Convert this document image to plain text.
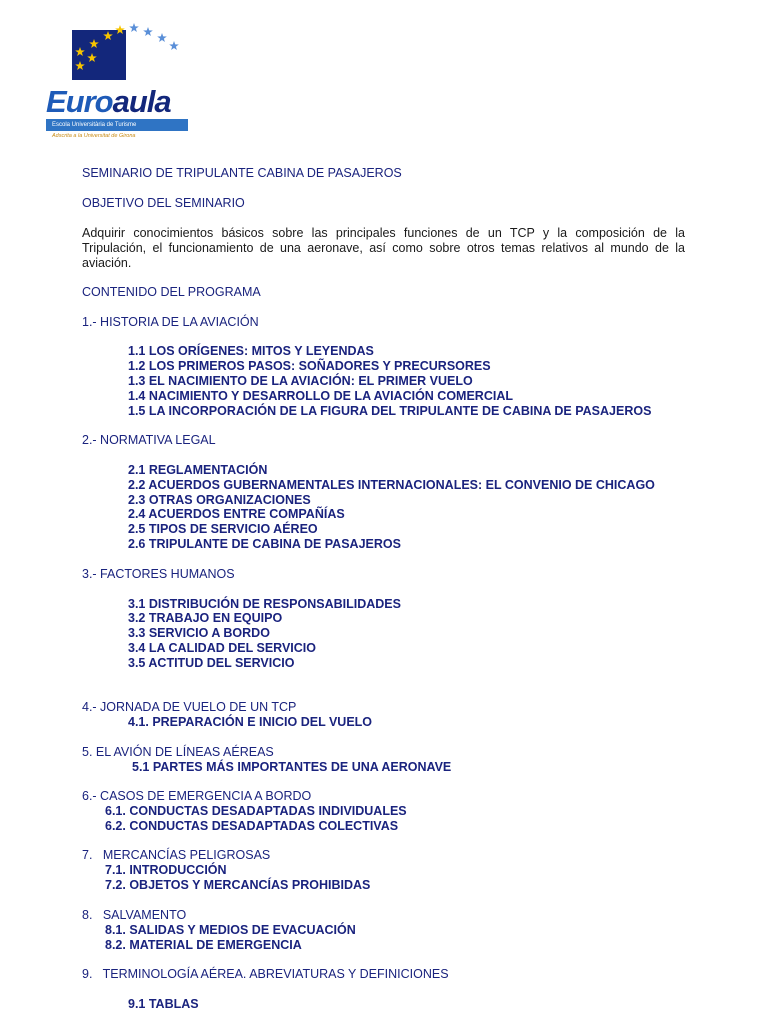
Euroaula
Escola Universitària de Turisme
Adscrita a la Universitat de Girona
SEMINARIO DE TRIPULANTE CABINA DE PASAJEROS
OBJETIVO DEL SEMINARIO
Adquirir conocimientos básicos sobre las principales funciones de un TCP y la composición de la Tripulación, el funcionamiento de una aeronave, así como sobre otros temas relativos al mundo de la aviación.
CONTENIDO DEL PROGRAMA
1.- HISTORIA DE LA AVIACIÓN
1.1 LOS ORÍGENES: MITOS Y LEYENDAS
1.2 LOS PRIMEROS PASOS: SOÑADORES Y PRECURSORES
1.3 EL NACIMIENTO DE LA AVIACIÓN: EL PRIMER VUELO
1.4 NACIMIENTO Y DESARROLLO DE LA AVIACIÓN COMERCIAL
1.5 LA INCORPORACIÓN DE LA FIGURA DEL TRIPULANTE DE CABINA DE PASAJEROS
2.- NORMATIVA LEGAL
2.1 REGLAMENTACIÓN
2.2 ACUERDOS GUBERNAMENTALES INTERNACIONALES: EL CONVENIO DE CHICAGO
2.3 OTRAS ORGANIZACIONES
2.4 ACUERDOS ENTRE COMPAÑÍAS
2.5 TIPOS DE SERVICIO AÉREO
2.6 TRIPULANTE DE CABINA DE PASAJEROS
3.- FACTORES HUMANOS
3.1 DISTRIBUCIÓN DE RESPONSABILIDADES
3.2 TRABAJO EN EQUIPO
3.3 SERVICIO A BORDO
3.4 LA CALIDAD DEL SERVICIO
3.5 ACTITUD DEL SERVICIO
4.- JORNADA DE VUELO DE UN TCP
4.1. PREPARACIÓN E INICIO DEL VUELO
5. EL AVIÓN DE LÍNEAS AÉREAS
5.1 PARTES MÁS IMPORTANTES DE UNA AERONAVE
6.- CASOS DE EMERGENCIA A BORDO
6.1. CONDUCTAS DESADAPTADAS INDIVIDUALES
6.2. CONDUCTAS DESADAPTADAS COLECTIVAS
7.   MERCANCÍAS PELIGROSAS
7.1. INTRODUCCIÓN
7.2. OBJETOS Y MERCANCÍAS PROHIBIDAS
8.   SALVAMENTO
8.1. SALIDAS Y MEDIOS DE EVACUACIÓN
8.2. MATERIAL DE EMERGENCIA
9.   TERMINOLOGÍA AÉREA. ABREVIATURAS Y DEFINICIONES
9.1 TABLAS
